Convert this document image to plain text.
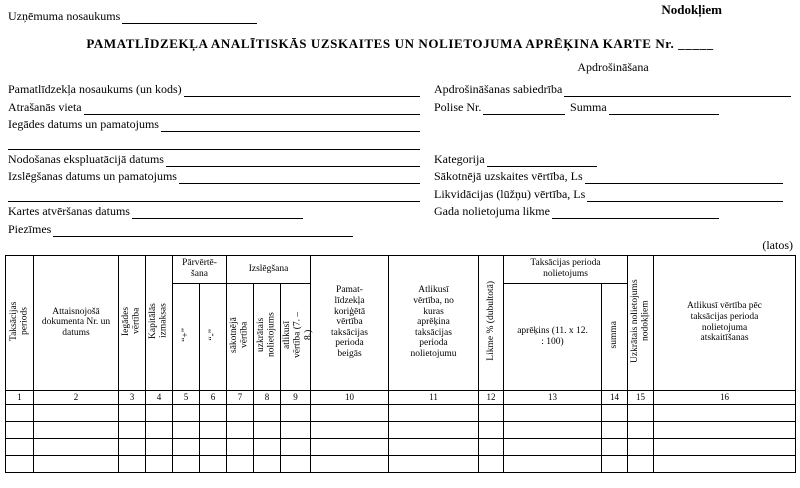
Nodokļiem
Uzņēmuma nosaukums
PAMATLĪDZEKĻA ANALĪTISKĀS UZSKAITES UN NOLIETOJUMA APRĒĶINA KARTE Nr. _____
Apdrošināšana
Pamatlīdzekļa nosaukums (un kods)
Atrašanās vieta
Iegādes datums un pamatojums
Nodošanas ekspluatācijā datums
Izslēgšanas datums un pamatojums
Kartes atvēršanas datums
Piezīmes
Apdrošināšanas sabiedrība
Polise Nr.	Summa
Kategorija
Sākotnējā uzskaites vērtība, Ls
Likvidācijas (lūžņu) vērtība, Ls
Gada nolietojuma likme
(latos)
Taksācijas periods	Attaisnojošā dokumenta Nr. un datums	Iegādes vērtība	Kapitālās izmaksas	Pārvērtē-šana		Izslēgšana			Pamat-līdzekļa koriģētā vērtība taksācijas perioda beigās	Atlikusī vērtība, no kuras aprēķina taksācijas perioda nolietojumu	Likme % (dubultotā)	Taksācijas perioda nolietojums		Uzkrātais nolietojums nodokļiem	Atlikusī vērtība pēc taksācijas perioda nolietojuma atskaitīšanas
				“+”	“-”	sākotnējā vērtība	uzkrātais nolietojums	atlikusī vērtība (7. – 8.)				aprēķins (11. x 12. : 100)	summa		
1	2	3	4	5	6	7	8	9	10	11	12	13	14	15	16
